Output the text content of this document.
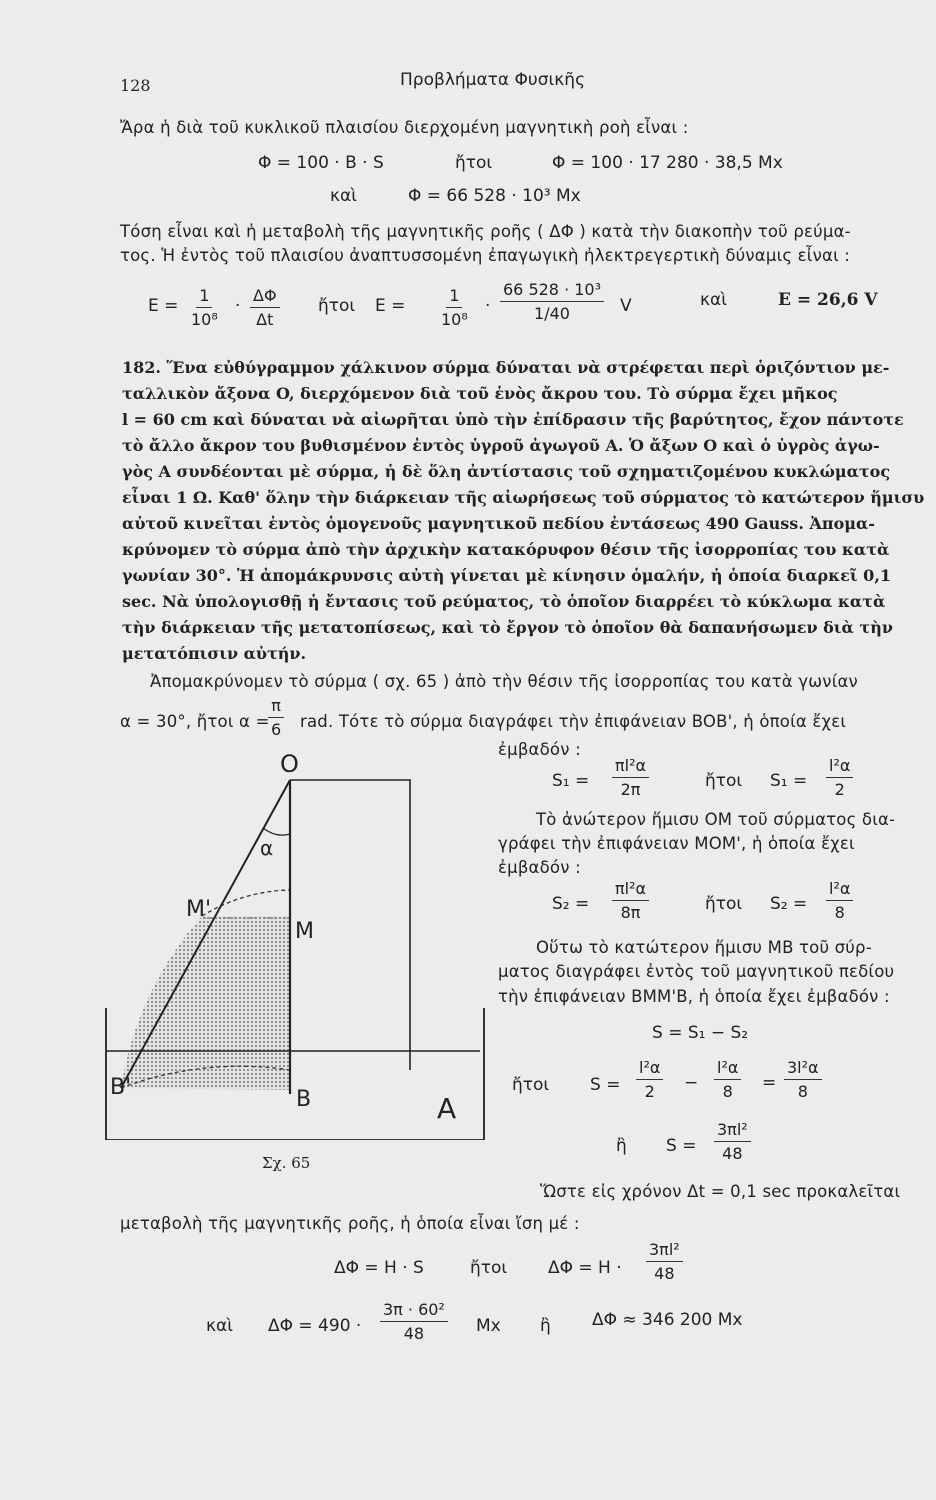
128	Προβλήματα Φυσικῆς
Ἄρα ἡ διὰ τοῦ κυκλικοῦ πλαισίου διερχομένη μαγνητικὴ ροὴ εἶναι :
Φ = 100 · B · S	ἤτοι	Φ = 100 · 17 280 · 38,5 Mx
καὶ	Φ = 66 528 · 10³ Mx
Τόση εἶναι καὶ ἡ μεταβολὴ τῆς μαγνητικῆς ροῆς ( ΔΦ ) κατὰ τὴν διακοπὴν τοῦ ρεύμα-
τος. Ἡ ἐντὸς τοῦ πλαισίου ἀναπτυσσομένη ἐπαγωγικὴ ἠλεκτρεγερτικὴ δύναμις εἶναι :
$E = \frac{1}{\text{10⁸}} \cdot \frac{\Delta\Phi}{\Delta t}$ ἤτοι $E = \frac{1}{\text{10⁸}} \cdot \frac{\text{66 528 · 10³}}{1/40}$ V	καὶ	E = 26,6 V
182. Ἕνα εὐθύγραμμον χάλκινον σύρμα δύναται νὰ στρέφεται περὶ ὁριζόντιον με-
ταλλικὸν ἄξονα O, διερχόμενον διὰ τοῦ ἑνὸς ἄκρου του. Τὸ σύρμα ἔχει μῆκος
l = 60 cm καὶ δύναται νὰ αἰωρῆται ὑπὸ τὴν ἐπίδρασιν τῆς βαρύτητος, ἔχον πάντοτε
τὸ ἄλλο ἄκρον του βυθισμένον ἐντὸς ὑγροῦ ἀγωγοῦ A. Ὁ ἄξων O καὶ ὁ ὑγρὸς ἀγω-
γὸς A συνδέονται μὲ σύρμα, ἡ δὲ ὅλη ἀντίστασις τοῦ σχηματιζομένου κυκλώματος
εἶναι 1 Ω. Καθ' ὅλην τὴν διάρκειαν τῆς αἰωρήσεως τοῦ σύρματος τὸ κατώτερον ἥμισυ
αὐτοῦ κινεῖται ἐντὸς ὁμογενοῦς μαγνητικοῦ πεδίου ἐντάσεως 490 Gauss. Ἀπομα-
κρύνομεν τὸ σύρμα ἀπὸ τὴν ἀρχικὴν κατακόρυφον θέσιν τῆς ἰσορροπίας του κατὰ
γωνίαν 30°. Ἡ ἀπομάκρυνσις αὐτὴ γίνεται μὲ κίνησιν ὁμαλήν, ἡ ὁποία διαρκεῖ 0,1
sec. Νὰ ὑπολογισθῇ ἡ ἔντασις τοῦ ρεύματος, τὸ ὁποῖον διαρρέει τὸ κύκλωμα κατὰ
τὴν διάρκειαν τῆς μετατοπίσεως, καὶ τὸ ἔργον τὸ ὁποῖον θὰ δαπανήσωμεν διὰ τὴν
μετατόπισιν αὐτήν.
Ἀπομακρύνομεν τὸ σύρμα ( σχ. 65 ) ἀπὸ τὴν θέσιν τῆς ἰσορροπίας του κατὰ γωνίαν
α = 30°, ἤτοι α =
$\frac{\pi}{6}$ rad. Τότε τὸ σύρμα διαγράφει τὴν ἐπιφάνειαν BOB', ἡ ὁποία ἔχει
ἐμβαδόν :
$S_1 = \frac{\text{πl²α}}{2\pi}$	ἤτοι $S_1 = \frac{\text{l²α}}{2}$
Τὸ ἀνώτερον ἥμισυ OM τοῦ σύρματος δια-
γράφει τὴν ἐπιφάνειαν MOM', ἡ ὁποία ἔχει
ἐμβαδόν :
$S_2 = \frac{\text{πl²α}}{8\pi}$	ἤτοι $S_2 = \frac{\text{l²α}}{8}$
Οὕτω τὸ κατώτερον ἥμισυ MB τοῦ σύρ-
ματος διαγράφει ἐντὸς τοῦ μαγνητικοῦ πεδίου
τὴν ἐπιφάνειαν BMM'B, ἡ ὁποία ἔχει ἐμβαδόν :
S = S₁ − S₂
ἤτοι $S = \frac{\text{l²α}}{2} - \frac{\text{l²α}}{8} = \frac{\text{3l²α}}{8}$
ἢ $S = \frac{\text{3πl²}}{48}$
Ὥστε εἰς χρόνον Δt = 0,1 sec προκαλεῖται
μεταβολὴ τῆς μαγνητικῆς ροῆς, ἡ ὁποία εἶναι ἴση μέ :
ΔΦ = H · S	ἤτοι $\Delta\Phi = H \cdot \frac{\text{3πl²}}{48}$
καὶ $\Delta\Phi = 490 \cdot \frac{\text{3π · 60²}}{48}$ Mx ἢ ΔΦ ≈ 346 200 Mx
O
α
M'
M
B'	B	A
Σχ. 65
